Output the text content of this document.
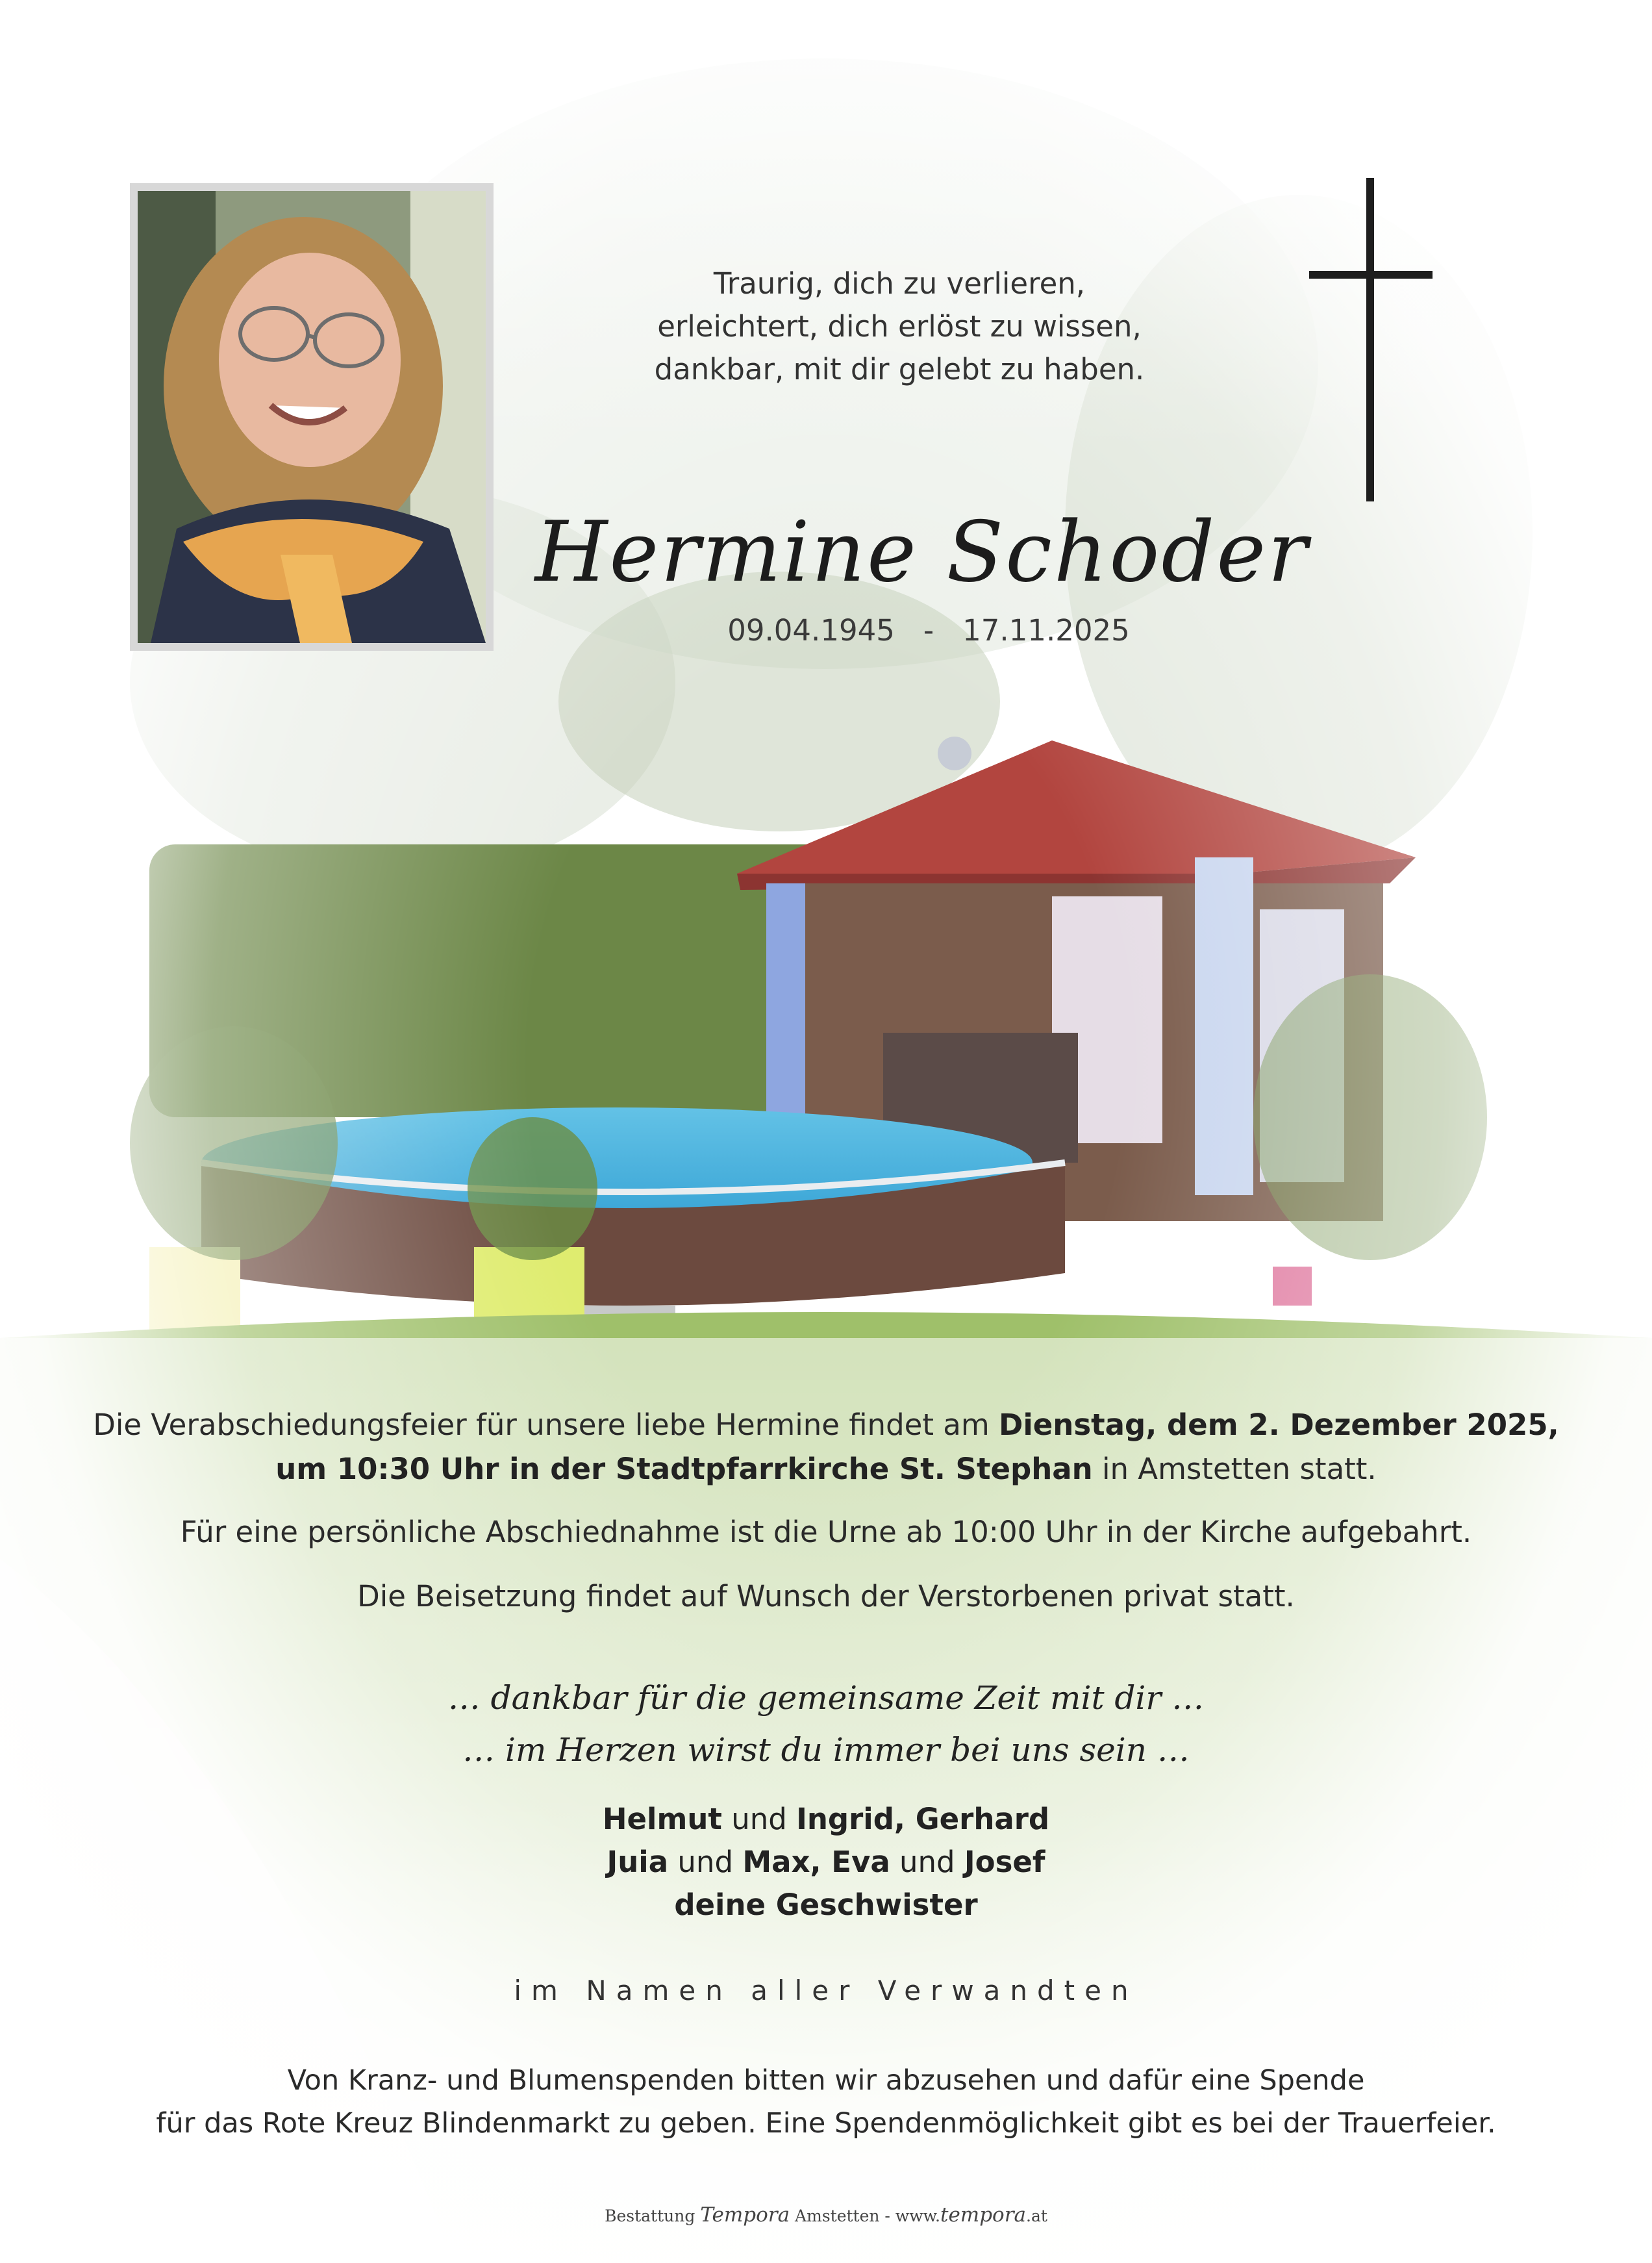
Traurig, dich zu verlieren,
erleichtert, dich erlöst zu wissen,
dankbar, mit dir gelebt zu haben.
Hermine Schoder
09.04.1945 - 17.11.2025
Die Verabschiedungsfeier für unsere liebe Hermine findet am Dienstag, dem 2. Dezember 2025,
um 10:30 Uhr in der Stadtpfarrkirche St. Stephan in Amstetten statt.
Für eine persönliche Abschiednahme ist die Urne ab 10:00 Uhr in der Kirche aufgebahrt.
Die Beisetzung findet auf Wunsch der Verstorbenen privat statt.
… dankbar für die gemeinsame Zeit mit dir …
… im Herzen wirst du immer bei uns sein …
Helmut und Ingrid, Gerhard
Juia und Max, Eva und Josef
deine Geschwister
im Namen aller Verwandten
Von Kranz- und Blumenspenden bitten wir abzusehen und dafür eine Spende
für das Rote Kreuz Blindenmarkt zu geben. Eine Spendenmöglichkeit gibt es bei der Trauerfeier.
Bestattung Tempora Amstetten - www.tempora.at
